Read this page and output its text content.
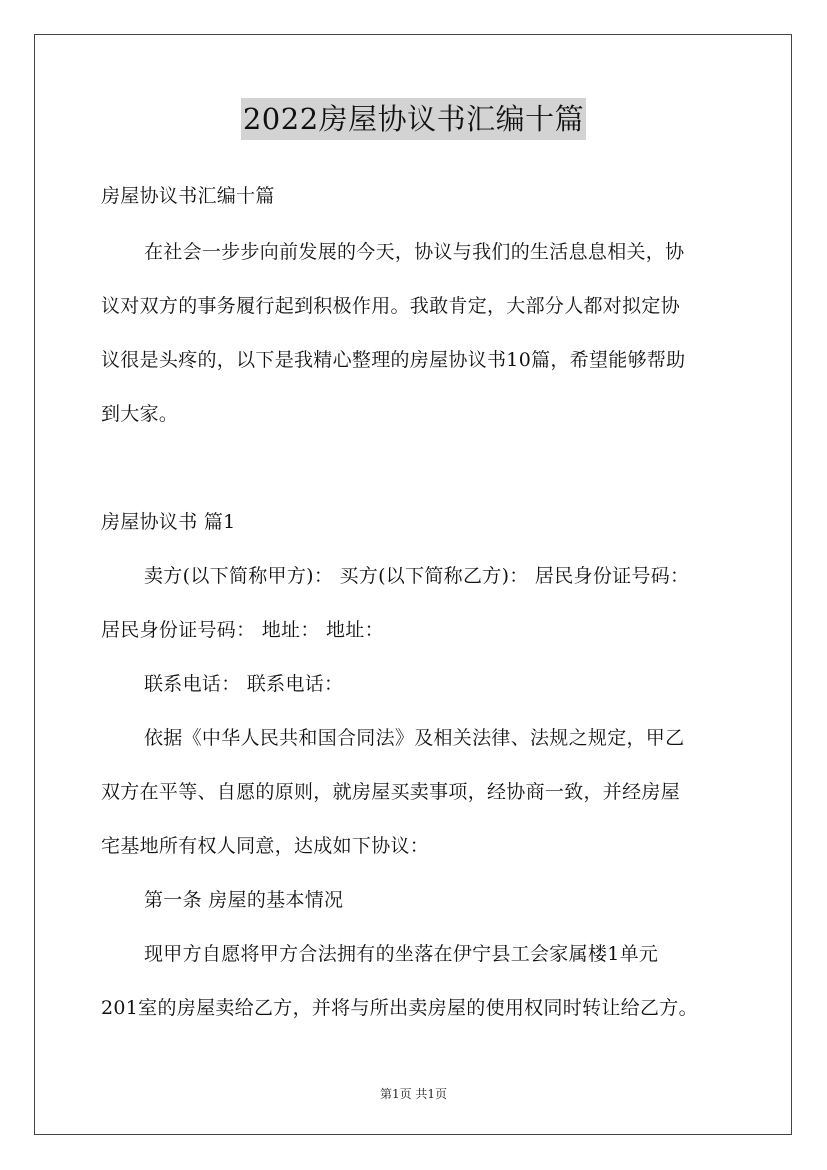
2022房屋协议书汇编十篇
房屋协议书汇编十篇
在社会一步步向前发展的今天，协议与我们的生活息息相关，协
议对双方的事务履行起到积极作用。我敢肯定，大部分人都对拟定协
议很是头疼的，以下是我精心整理的房屋协议书10篇，希望能够帮助
到大家。
房屋协议书 篇1
卖方(以下简称甲方)： 买方(以下简称乙方)： 居民身份证号码：
居民身份证号码： 地址： 地址：
联系电话： 联系电话：
依据《中华人民共和国合同法》及相关法律、法规之规定，甲乙
双方在平等、自愿的原则，就房屋买卖事项，经协商一致，并经房屋
宅基地所有权人同意，达成如下协议：
第一条 房屋的基本情况
现甲方自愿将甲方合法拥有的坐落在伊宁县工会家属楼1单元
201室的房屋卖给乙方，并将与所出卖房屋的使用权同时转让给乙方。
第1页 共1页
